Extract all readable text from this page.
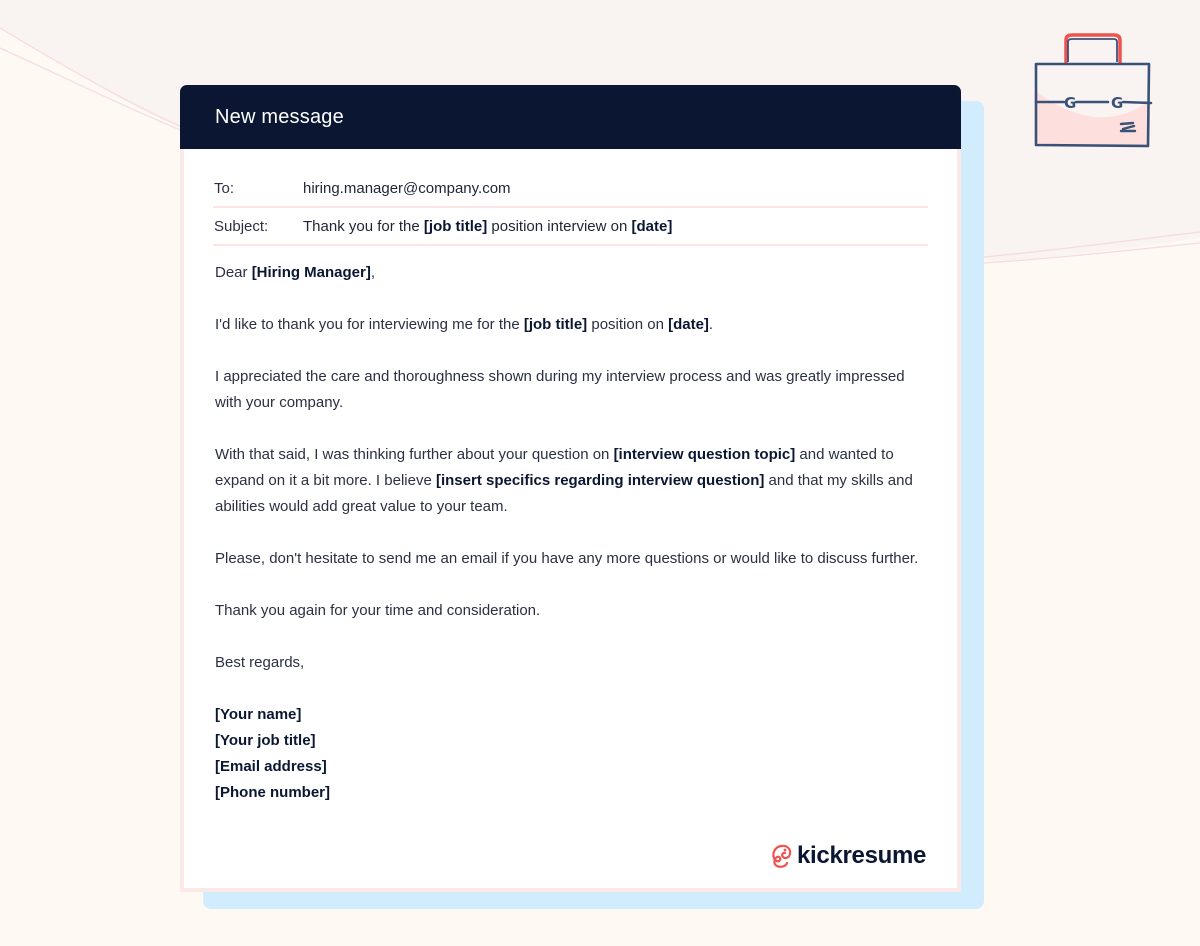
G G
New message
To:	hiring.manager@company.com
Subject: Thank you for the [job title] position interview on [date]

Dear [Hiring Manager],

I'd like to thank you for interviewing me for the [job title] position on [date].

I appreciated the care and thoroughness shown during my interview process and was greatly impressed with your company.

With that said, I was thinking further about your question on [interview question topic] and wanted to expand on it a bit more. I believe [insert specifics regarding interview question] and that my skills and abilities would add great value to your team.

Please, don't hesitate to send me an email if you have any more questions or would like to discuss further.

Thank you again for your time and consideration.

Best regards,

[Your name]
[Your job title]
[Email address]
[Phone number]
kickresume
